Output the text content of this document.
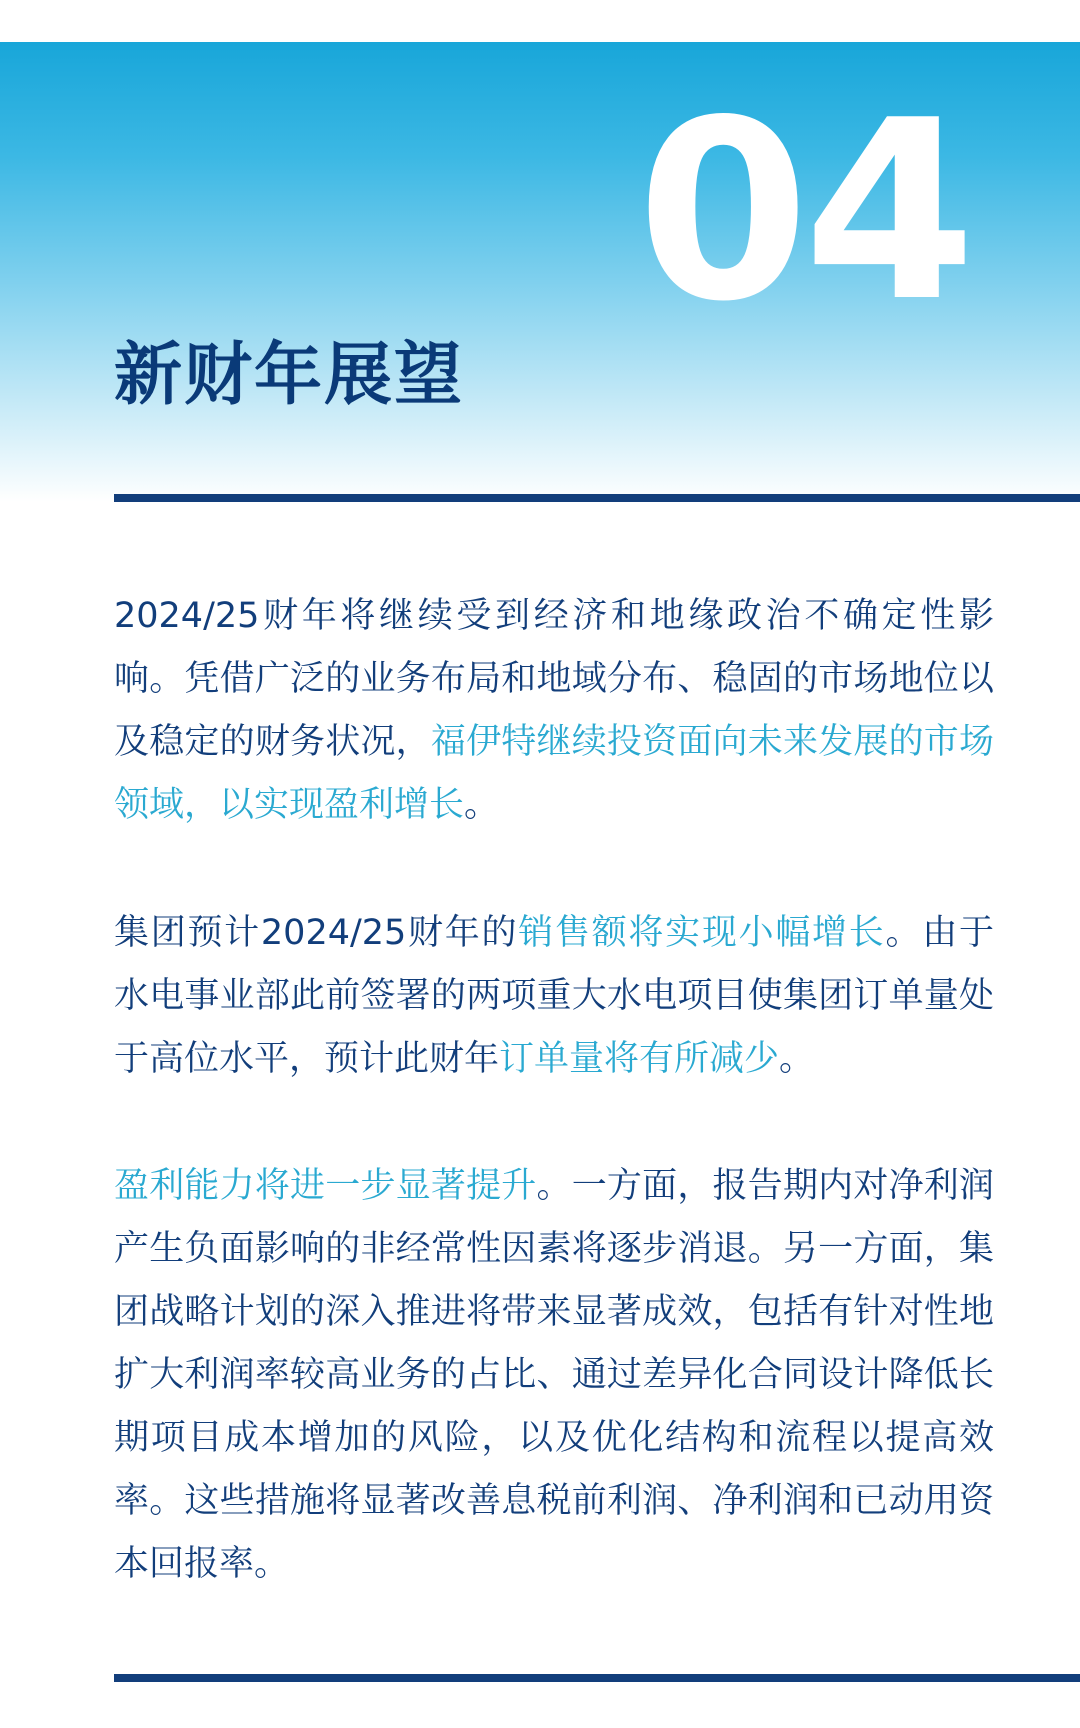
04
新财年展望

2024/25财年将继续受到经济和地缘政治不确定性影响。凭借广泛的业务布局和地域分布、稳固的市场地位以及稳定的财务状况，福伊特继续投资面向未来发展的市场领域，以实现盈利增长。

集团预计2024/25财年的销售额将实现小幅增长。由于水电事业部此前签署的两项重大水电项目使集团订单量处于高位水平，预计此财年订单量将有所减少。

盈利能力将进一步显著提升。一方面，报告期内对净利润产生负面影响的非经常性因素将逐步消退。另一方面，集团战略计划的深入推进将带来显著成效，包括有针对性地扩大利润率较高业务的占比、通过差异化合同设计降低长期项目成本增加的风险，以及优化结构和流程以提高效率。这些措施将显著改善息税前利润、净利润和已动用资本回报率。
